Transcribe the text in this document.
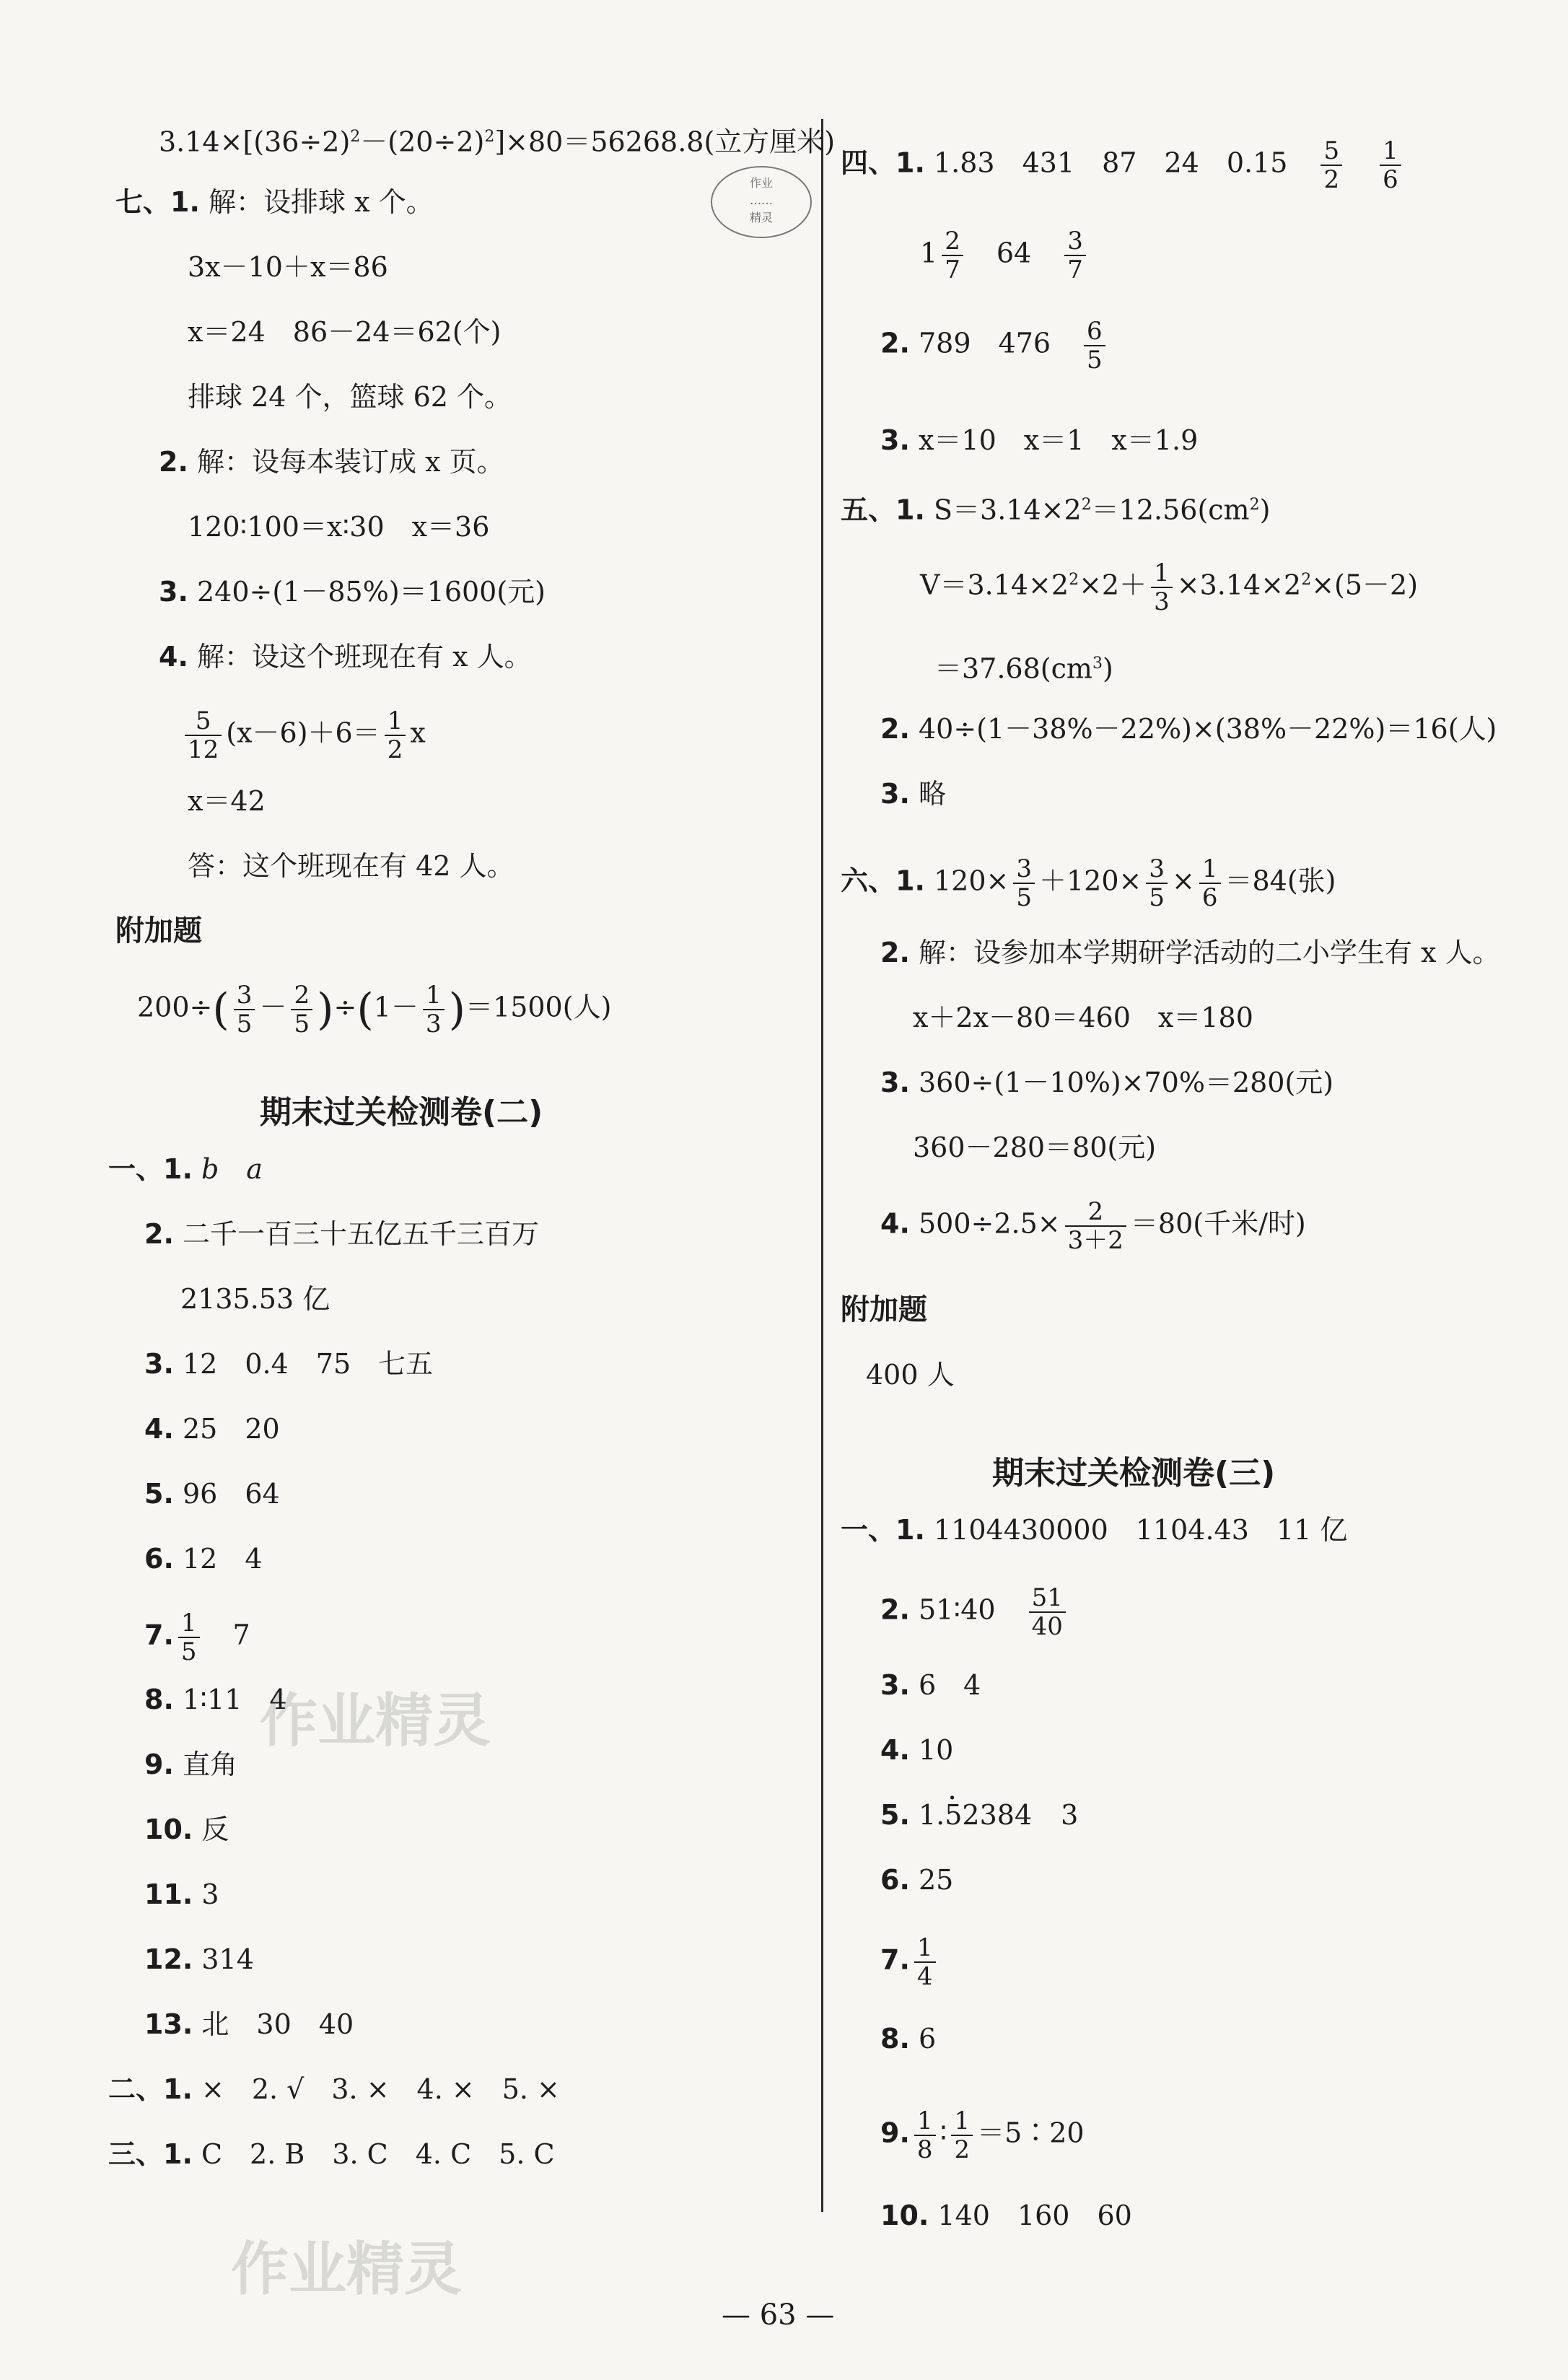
作业
……
精灵
作业精灵
作业精灵
$3.14\times[(36\div 2)^2-(20\div 2)^2]\times 80=56268.8$(立方厘米)
七、1. 解：设排球 x 个。
3x－10＋x＝86
x＝24　86－24＝62(个)
排球 24 个，篮球 62 个。
2. 解：设每本装订成 x 页。
120∶100＝x∶30　x＝36
3. 240÷(1－85%)＝1600(元)
4. 解：设这个班现在有 x 人。
$\frac{5}{12} (x-6)+6= \frac{1}{2}$ x
x＝42
答：这个班现在有 42 人。
附加题
$200\div( \frac{3}{5} - \frac{2}{5} )\div(1- \frac{1}{3} )=1500$(人)
期末过关检测卷(二)
一、1. b　a
2. 二千一百三十五亿五千三百万
2135.53 亿
3. 12　0.4　75　七五
4. 25　20
5. 96　64
6. 12　4
7. $\frac{1}{5} 7$
8. 1∶11　4
9. 直角
10. 反
11. 3
12. 314
13. 北　30　40
二、1. ×　2. √　3. ×　4. ×　5. ×
三、1. C　2. B　3. C　4. C　5. C
四、1. 1.83　431　87　24　$0.15 \frac{5}{2} \frac{1}{6}$
$1 \frac{2}{7} 64 \frac{3}{7}$
2. 789　$476 \frac{6}{5}$
3. x＝10　x＝1　x＝1.9
五、1. $S=3.14\times 2^2=12.56(cm^2)$
$V=3.14\times 2^2\times 2+ \frac{1}{3} \times 3.14\times 2^2\times(5-2)$
$=37.68(cm^3)$
2. 40÷(1－38%－22%)×(38%－22%)＝16(人)
3. 略
六、1. $120\times \frac{3}{5} +120\times \frac{3}{5} \times \frac{1}{6} =84$(张)
2. 解：设参加本学期研学活动的二小学生有 x 人。
x＋2x－80＝460　x＝180
3. 360÷(1－10%)×70%＝280(元)
360－280＝80(元)
4. $500\div 2.5\times \frac{2}{3+2} =80$(千米/时)
附加题
400 人
期末过关检测卷(三)
一、1. 1104430000　1104.43　11 亿
2. 51∶40 $\frac{51}{40}$
3. 6　4
4. 10
5. 1.· 52384 3
6. 25
7. $\frac{1}{4}$
8. 6
9. $\frac{1}{8}$ ∶ $\frac{1}{2}$ ＝5∶20
10. 140　160　60
— 63 —
